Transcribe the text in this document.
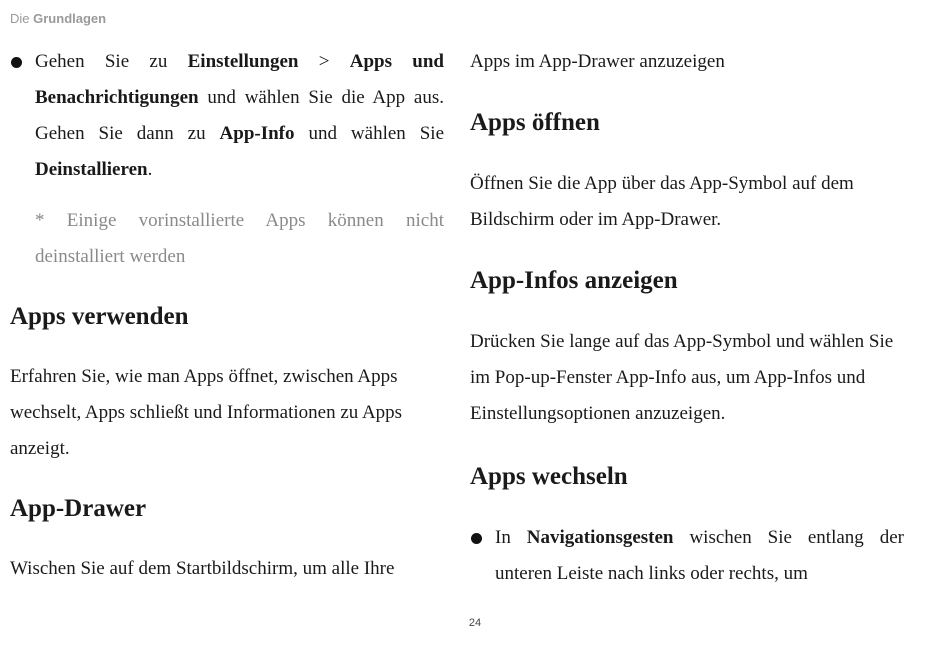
Die Grundlagen

Gehen Sie zu Einstellungen > Apps und Benachrichtigungen und wählen Sie die App aus. Gehen Sie dann zu App-Info und wählen Sie Deinstallieren.

* Einige vorinstallierte Apps können nicht deinstalliert werden

Apps verwenden

Erfahren Sie, wie man Apps öffnet, zwischen Apps wechselt, Apps schließt und Informationen zu Apps anzeigt.

App-Drawer

Wischen Sie auf dem Startbildschirm, um alle Ihre

Apps im App-Drawer anzuzeigen

Apps öffnen

Öffnen Sie die App über das App-Symbol auf dem Bildschirm oder im App-Drawer.

App-Infos anzeigen

Drücken Sie lange auf das App-Symbol und wählen Sie im Pop-up-Fenster App-Info aus, um App-Infos und Einstellungsoptionen anzuzeigen.

Apps wechseln

In Navigationsgesten wischen Sie entlang der unteren Leiste nach links oder rechts, um

24
